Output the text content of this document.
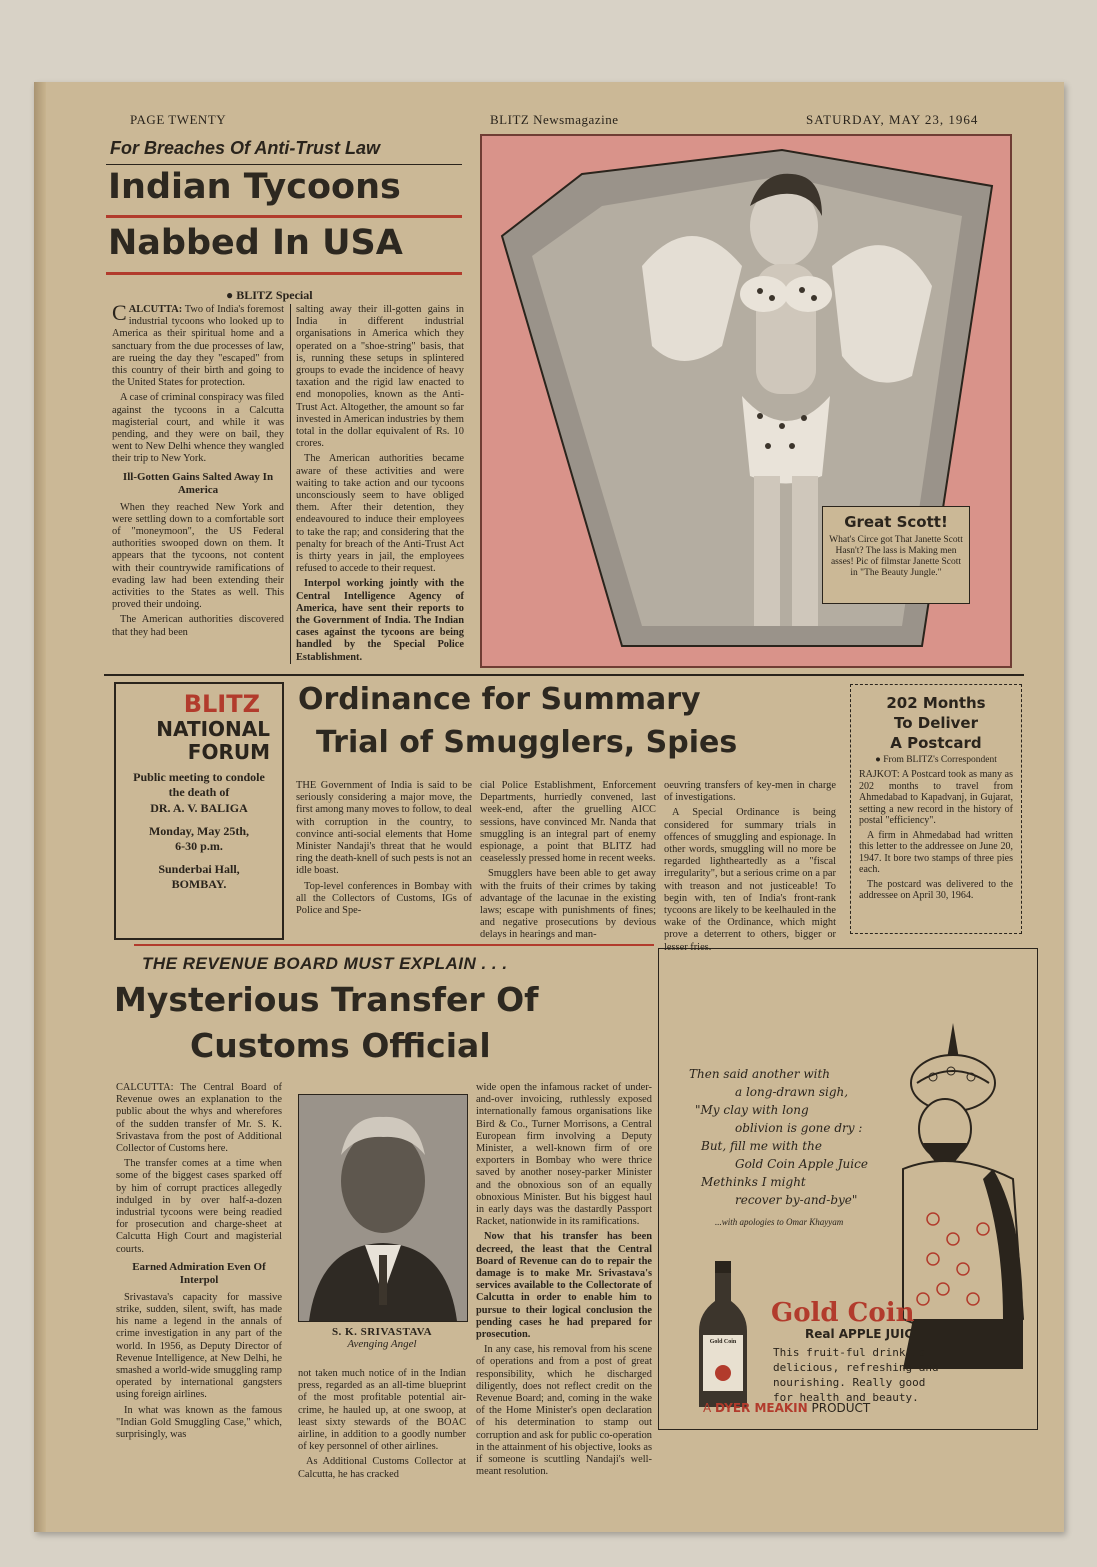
PAGE TWENTY	BLITZ Newsmagazine	SATURDAY, MAY 23, 1964
For Breaches Of Anti-Trust Law
Indian Tycoons
Nabbed In USA
● BLITZ Special

CALCUTTA: Two of India's foremost industrial tycoons who looked up to America as their spiritual home and a sanctuary from the due processes of law, are rueing the day they "escaped" from this country of their birth and going to the United States for protection.

A case of criminal conspiracy was filed against the tycoons in a Calcutta magisterial court, and while it was pending, and they were on bail, they went to New Delhi whence they wangled their trip to New York.

Ill-Gotten Gains Salted Away In America

When they reached New York and were settling down to a comfortable sort of "moneymoon", the US Federal authorities swooped down on them. It appears that the tycoons, not content with their countrywide ramifications of evading law had been extending their activities to the States as well. This proved their undoing.

The American authorities discovered that they had been

salting away their ill-gotten gains in India in different industrial organisations in America which they operated on a "shoe-string" basis, that is, running these setups in splintered groups to evade the incidence of heavy taxation and the rigid law enacted to end monopolies, known as the Anti-Trust Act. Altogether, the amount so far invested in American industries by them total in the dollar equivalent of Rs. 10 crores.

The American authorities became aware of these activities and were waiting to take action and our tycoons unconsciously seem to have obliged them. After their detention, they endeavoured to induce their employees to take the rap; and considering that the penalty for breach of the Anti-Trust Act is thirty years in jail, the employees refused to accede to their request.

Interpol working jointly with the Central Intelligence Agency of America, have sent their reports to the Government of India. The Indian cases against the tycoons are being handled by the Special Police Establishment.

Great Scott!
What's Circe got That Janette Scott Hasn't? The lass is Making men asses! Pic of filmstar Janette Scott in "The Beauty Jungle."
BLITZ
NATIONAL
FORUM
Public meeting to condole the death of
DR. A. V. BALIGA
Monday, May 25th,
6-30 p.m.
Sunderbai Hall,
BOMBAY.
Ordinance for Summary
Trial of Smugglers, Spies

THE Government of India is said to be seriously considering a major move, the first among many moves to follow, to deal with corruption in the country, to convince anti-social elements that Home Minister Nandaji's threat that he would ring the death-knell of such pests is not an idle boast.

Top-level conferences in Bombay with all the Collectors of Customs, IGs of Police and Spe-

cial Police Establishment, Enforcement Departments, hurriedly convened, last week-end, after the gruelling AICC sessions, have convinced Mr. Nanda that smuggling is an integral part of enemy espionage, a point that BLITZ had ceaselessly pressed home in recent weeks.

Smugglers have been able to get away with the fruits of their crimes by taking advantage of the lacunae in the existing laws; escape with punishments of fines; and negative prosecutions by devious delays in hearings and man-

oeuvring transfers of key-men in charge of investigations.

A Special Ordinance is being considered for summary trials in offences of smuggling and espionage. In other words, smuggling will no more be regarded lightheartedly as a "fiscal irregularity", but a serious crime on a par with treason and not justiceable! To begin with, ten of India's front-rank tycoons are likely to be keelhauled in the wake of the Ordinance, which might prove a deterrent to others, bigger or lesser fries.

202 Months
To Deliver
A Postcard
● From BLITZ's Correspondent

RAJKOT: A Postcard took as many as 202 months to travel from Ahmedabad to Kapadvanj, in Gujarat, setting a new record in the history of postal "efficiency".

A firm in Ahmedabad had written this letter to the addressee on June 20, 1947. It bore two stamps of three pies each.

The postcard was delivered to the addressee on April 30, 1964.

THE REVENUE BOARD MUST EXPLAIN . . .
Mysterious Transfer Of
Customs Official

CALCUTTA: The Central Board of Revenue owes an explanation to the public about the whys and wherefores of the sudden transfer of Mr. S. K. Srivastava from the post of Additional Collector of Customs here.

The transfer comes at a time when some of the biggest cases sparked off by him of corrupt practices allegedly indulged in by over half-a-dozen industrial tycoons were being readied for prosecution and charge-sheet at Calcutta High Court and magisterial courts.

Earned Admiration Even Of Interpol

Srivastava's capacity for massive strike, sudden, silent, swift, has made his name a legend in the annals of crime investigation in any part of the world. In 1956, as Deputy Director of Revenue Intelligence, at New Delhi, he smashed a world-wide smuggling ramp operated by international gangsters using foreign airlines.

In what was known as the famous "Indian Gold Smuggling Case," which, surprisingly, was

S. K. SRIVASTAVA
Avenging Angel

not taken much notice of in the Indian press, regarded as an all-time blueprint of the most profitable potential air-crime, he hauled up, at one swoop, at least sixty stewards of the BOAC airline, in addition to a goodly number of key personnel of other airlines.

As Additional Customs Collector at Calcutta, he has cracked

wide open the infamous racket of under-and-over invoicing, ruthlessly exposed internationally famous organisations like Bird & Co., Turner Morrisons, a Central European firm involving a Deputy Minister, a well-known firm of ore exporters in Bombay who were thrice saved by another nosey-parker Minister and the obnoxious son of an equally obnoxious Minister. But his biggest haul in early days was the dastardly Passport Racket, nationwide in its ramifications.

Now that his transfer has been decreed, the least that the Central Board of Revenue can do to repair the damage is to make Mr. Srivastava's services available to the Collectorate of Calcutta in order to enable him to pursue to their logical conclusion the pending cases he had prepared for prosecution.

In any case, his removal from his scene of operations and from a post of great responsibility, which he discharged diligently, does not reflect credit on the Revenue Board; and, coming in the wake of the Home Minister's open declaration of his determination to stamp out corruption and ask for public co-operation in the attainment of his objective, looks as if someone is scuttling Nandaji's well-meant resolution.

Then said another with
a long-drawn sigh,
"My clay with long
oblivion is gone dry :
But, fill me with the
Gold Coin Apple Juice
Methinks I might
recover by-and-bye"
...with apologies to Omar Khayyam
Gold Coin
Gold Coin
Real APPLE JUICE
This fruit-ful drink is delicious, refreshing and nourishing. Really good for health and beauty.
A DYER MEAKIN PRODUCT
